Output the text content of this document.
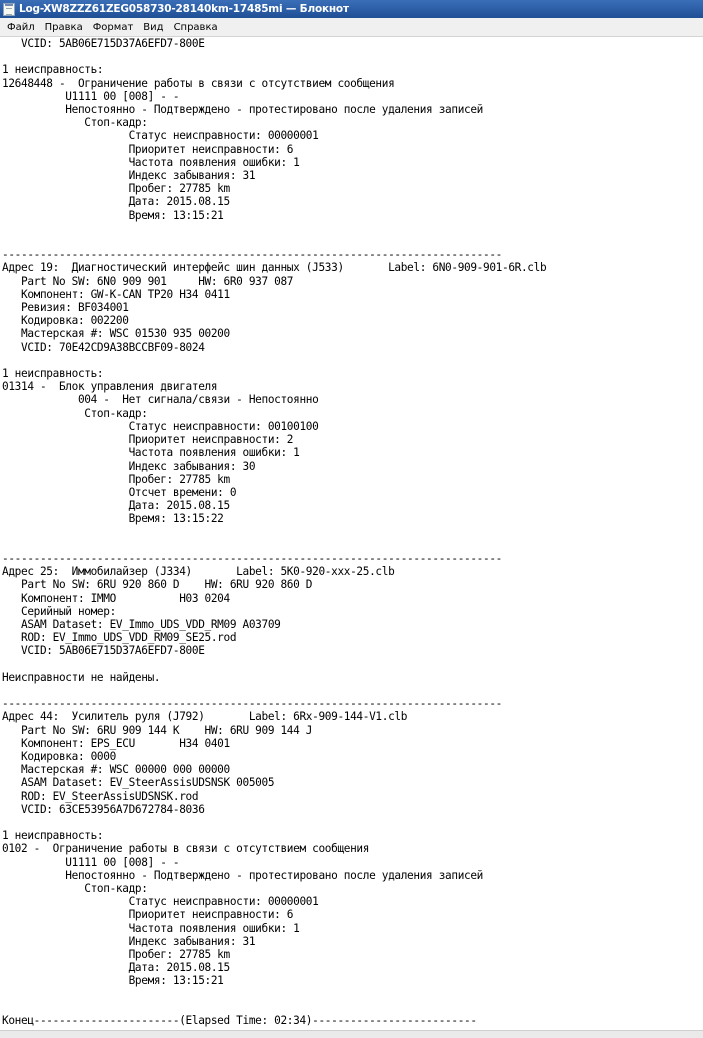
Log-XW8ZZZ61ZEG058730-28140km-17485mi — Блокнот
Файл	Правка	Формат	Вид	Справка
VCID: 5AB06E715D37A6EFD7-800E

1 неисправность:
12648448 -  Ограничение работы в связи с отсутствием сообщения
U1111 00 [008] - -
Непостоянно - Подтверждено - протестировано после удаления записей
Стоп-кадр:
Статус неисправности: 00000001
Приоритет неисправности: 6
Частота появления ошибки: 1
Индекс забывания: 31
Пробег: 27785 km
Дата: 2015.08.15
Время: 13:15:21

-------------------------------------------------------------------------------
Адрес 19:  Диагностический интерфейс шин данных (J533)       Label: 6N0-909-901-6R.clb
Part No SW: 6N0 909 901     HW: 6R0 937 087
Компонент: GW-K-CAN TP20 H34 0411
Ревизия: BF034001
Кодировка: 002200
Мастерская #: WSC 01530 935 00200
VCID: 70E42CD9A38BCCBF09-8024

1 неисправность:
01314 -  Блок управления двигателя
004 -  Нет сигнала/связи - Непостоянно
Стоп-кадр:
Статус неисправности: 00100100
Приоритет неисправности: 2
Частота появления ошибки: 1
Индекс забывания: 30
Пробег: 27785 km
Отсчет времени: 0
Дата: 2015.08.15
Время: 13:15:22

-------------------------------------------------------------------------------
Адрес 25:  Иммобилайзер (J334)       Label: 5K0-920-xxx-25.clb
Part No SW: 6RU 920 860 D    HW: 6RU 920 860 D
Компонент: IMMO          H03 0204
Серийный номер:
ASAM Dataset: EV_Immo_UDS_VDD_RM09 A03709
ROD: EV_Immo_UDS_VDD_RM09_SE25.rod
VCID: 5AB06E715D37A6EFD7-800E

Неисправности не найдены.

-------------------------------------------------------------------------------
Адрес 44:  Усилитель руля (J792)       Label: 6Rx-909-144-V1.clb
Part No SW: 6RU 909 144 K    HW: 6RU 909 144 J
Компонент: EPS_ECU       H34 0401
Кодировка: 0000
Мастерская #: WSC 00000 000 00000
ASAM Dataset: EV_SteerAssisUDSNSK 005005
ROD: EV_SteerAssisUDSNSK.rod
VCID: 63CE53956A7D672784-8036

1 неисправность:
0102 -  Ограничение работы в связи с отсутствием сообщения
U1111 00 [008] - -
Непостоянно - Подтверждено - протестировано после удаления записей
Стоп-кадр:
Статус неисправности: 00000001
Приоритет неисправности: 6
Частота появления ошибки: 1
Индекс забывания: 31
Пробег: 27785 km
Дата: 2015.08.15
Время: 13:15:21

Конец-----------------------(Elapsed Time: 02:34)--------------------------
